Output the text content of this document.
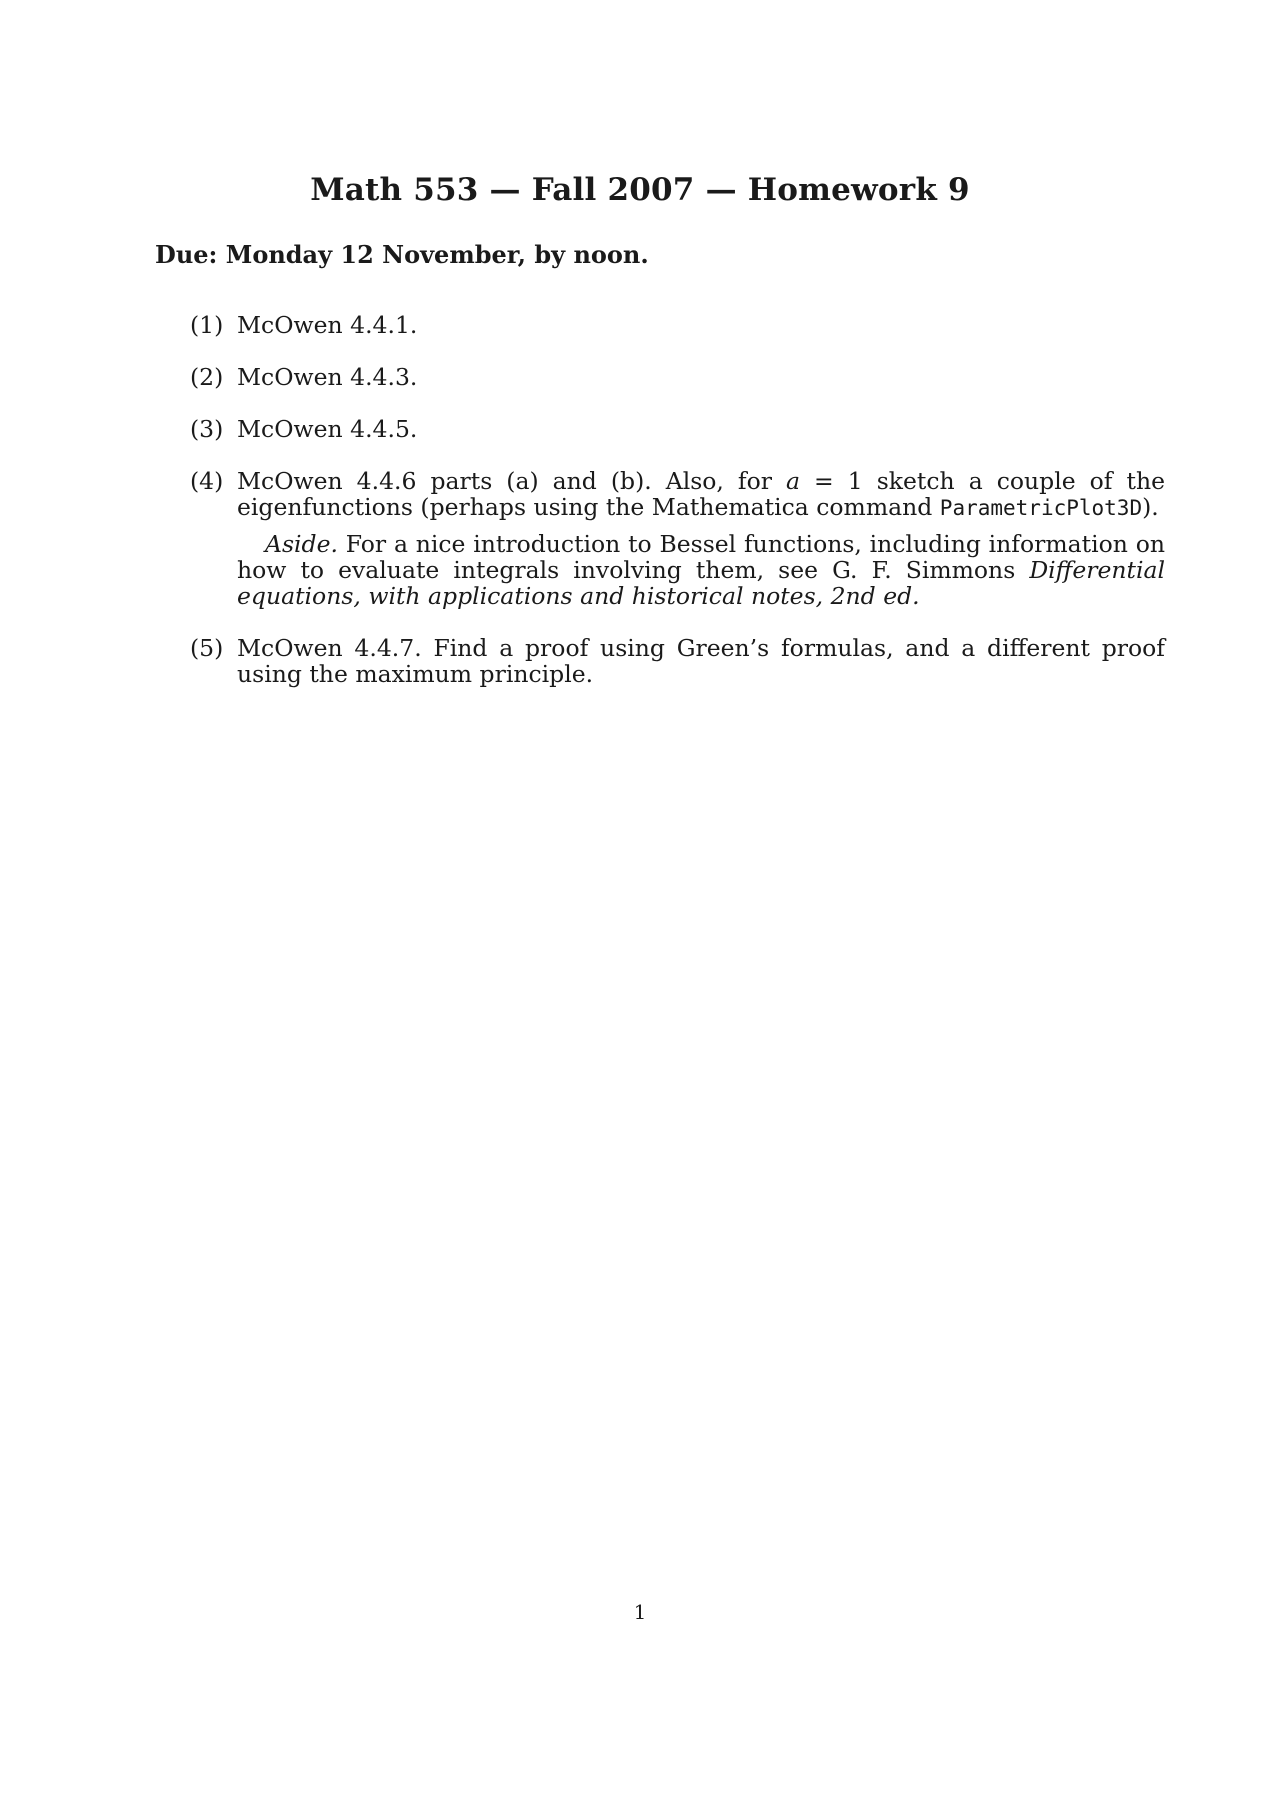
Math 553 — Fall 2007 — Homework 9
Due: Monday 12 November, by noon.
(1) McOwen 4.4.1.
(2) McOwen 4.4.3.
(3) McOwen 4.4.5.
(4) McOwen 4.4.6 parts (a) and (b). Also, for a = 1 sketch a couple of the eigenfunctions (perhaps using the Mathematica command ParametricPlot3D).
Aside. For a nice introduction to Bessel functions, including information on how to evaluate integrals involving them, see G. F. Simmons Differential equations, with applications and historical notes, 2nd ed.
(5) McOwen 4.4.7. Find a proof using Green’s formulas, and a different proof using the maximum principle.
1
